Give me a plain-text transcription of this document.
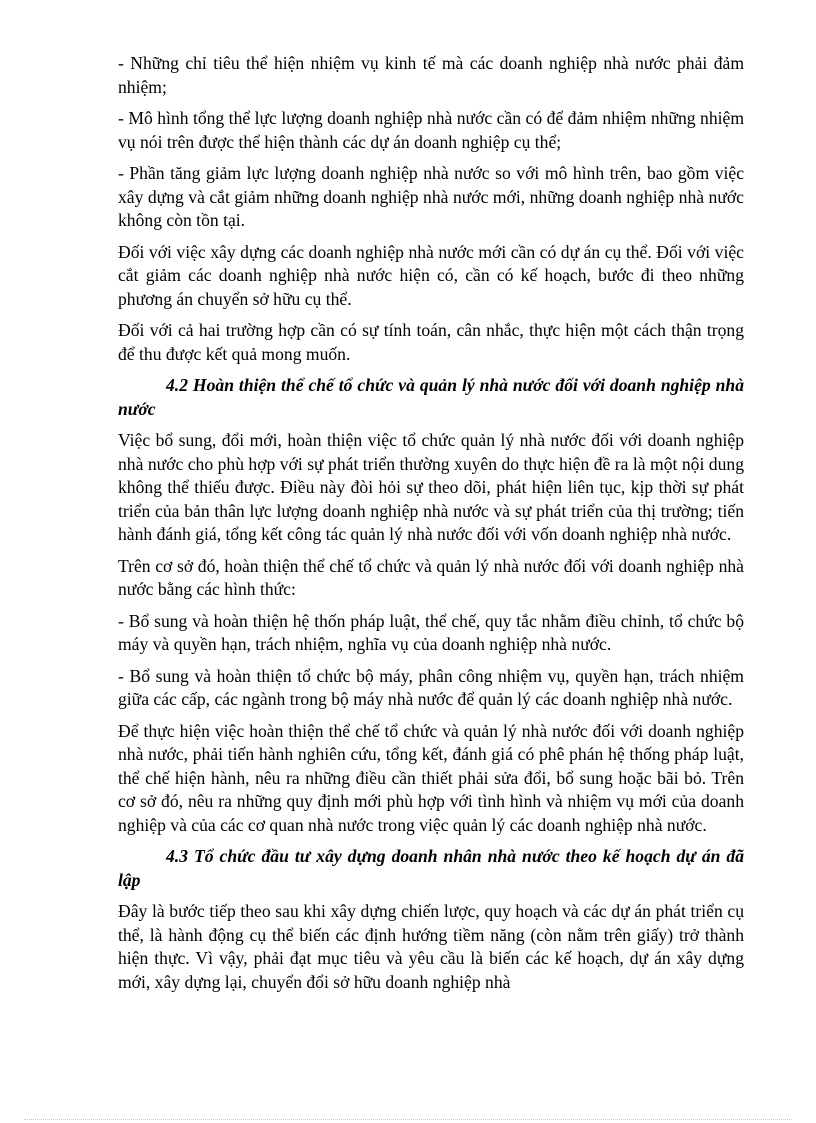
- Những chỉ tiêu thể hiện nhiệm vụ kinh tế mà các doanh nghiệp nhà nước phải đảm nhiệm;

- Mô hình tổng thể lực lượng doanh nghiệp nhà nước cần có để đảm nhiệm những nhiệm vụ nói trên được thể hiện thành các dự án doanh nghiệp cụ thể;

- Phần tăng giảm lực lượng doanh nghiệp nhà nước so với mô hình trên, bao gồm việc xây dựng và cắt giảm những doanh nghiệp nhà nước mới, những doanh nghiệp nhà nước không còn tồn tại.

Đối với việc xây dựng các doanh nghiệp nhà nước mới cần có dự án cụ thể. Đối với việc cắt giảm các doanh nghiệp nhà nước hiện có, cần có kế hoạch, bước đi theo những phương án chuyển sở hữu cụ thể.

Đối với cả hai trường hợp cần có sự tính toán, cân nhắc, thực hiện một cách thận trọng để thu được kết quả mong muốn.

4.2 Hoàn thiện thể chế tổ chức và quản lý nhà nước đối với doanh nghiệp nhà nước

Việc bổ sung, đổi mới, hoàn thiện việc tổ chức quản lý nhà nước đối với doanh nghiệp nhà nước cho phù hợp với sự phát triển thường xuyên do thực hiện đề ra là một nội dung không thể thiếu được. Điều này đòi hỏi sự theo dõi, phát hiện liên tục, kịp thời sự phát triển của bản thân lực lượng doanh nghiệp nhà nước và sự phát triển của thị trường; tiến hành đánh giá, tổng kết công tác quản lý nhà nước đối với vốn doanh nghiệp nhà nước.

Trên cơ sở đó, hoàn thiện thể chế tổ chức và quản lý nhà nước đối với doanh nghiệp nhà nước bằng các hình thức:

- Bổ sung và hoàn thiện hệ thốn pháp luật, thể chế, quy tắc nhằm điều chỉnh, tổ chức bộ máy và quyền hạn, trách nhiệm, nghĩa vụ của doanh nghiệp nhà nước.

- Bổ sung và hoàn thiện tổ chức bộ máy, phân công nhiệm vụ, quyền hạn, trách nhiệm giữa các cấp, các ngành trong bộ máy nhà nước để quản lý các doanh nghiệp nhà nước.

Để thực hiện việc hoàn thiện thể chế tổ chức và quản lý nhà nước đối với doanh nghiệp nhà nước, phải tiến hành nghiên cứu, tổng kết, đánh giá có phê phán hệ thống pháp luật, thể chế hiện hành, nêu ra những điều cần thiết phải sửa đổi, bổ sung hoặc bãi bỏ. Trên cơ sở đó, nêu ra những quy định mới phù hợp với tình hình và nhiệm vụ mới của doanh nghiệp và của các cơ quan nhà nước trong việc quản lý các doanh nghiệp nhà nước.

4.3 Tổ chức đầu tư xây dựng doanh nhân nhà nước theo kế hoạch dự án đã lập

Đây là bước tiếp theo sau khi xây dựng chiến lược, quy hoạch và các dự án phát triển cụ thể, là hành động cụ thể biến các định hướng tiềm năng (còn nằm trên giấy) trở thành hiện thực. Vì vậy, phải đạt mục tiêu và yêu cầu là biến các kế hoạch, dự án xây dựng mới, xây dựng lại, chuyển đổi sở hữu doanh nghiệp nhà
